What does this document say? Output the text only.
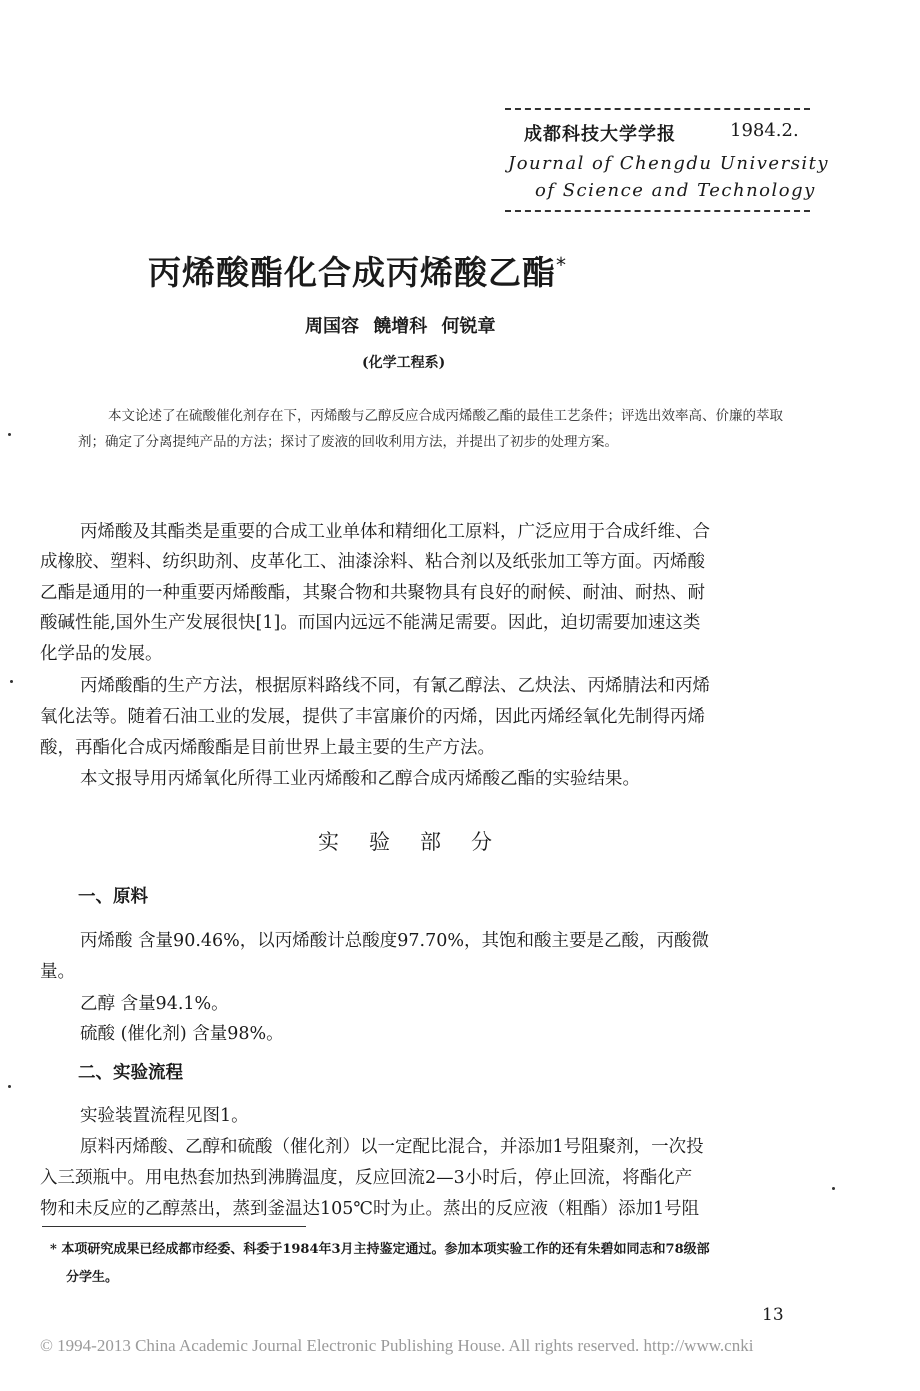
成都科技大学学报	1984.2.
Journal of Chengdu University
of Science and Technology
丙烯酸酯化合成丙烯酸乙酯*
周国容 饒增科 何锐章
(化学工程系)
本文论述了在硫酸催化剂存在下，丙烯酸与乙醇反应合成丙烯酸乙酯的最佳工艺条件；评选出效率高、价廉的萃取剂；确定了分离提纯产品的方法；探讨了废液的回收利用方法，并提出了初步的处理方案。
丙烯酸及其酯类是重要的合成工业单体和精细化工原料，广泛应用于合成纤维、合
成橡胶、塑料、纺织助剂、皮革化工、油漆涂料、粘合剂以及纸张加工等方面。丙烯酸
乙酯是通用的一种重要丙烯酸酯，其聚合物和共聚物具有良好的耐候、耐油、耐热、耐
酸碱性能,国外生产发展很快[1]。而国内远远不能满足需要。因此，迫切需要加速这类
化学品的发展。
丙烯酸酯的生产方法，根据原料路线不同，有氰乙醇法、乙炔法、丙烯腈法和丙烯
氧化法等。随着石油工业的发展，提供了丰富廉价的丙烯，因此丙烯经氧化先制得丙烯
酸，再酯化合成丙烯酸酯是目前世界上最主要的生产方法。
本文报导用丙烯氧化所得工业丙烯酸和乙醇合成丙烯酸乙酯的实验结果。
实验部分
一、原料
丙烯酸 含量90.46%，以丙烯酸计总酸度97.70%，其饱和酸主要是乙酸，丙酸微
量。
乙醇 含量94.1%。
硫酸 (催化剂) 含量98%。
二、实验流程
实验装置流程见图1。
原料丙烯酸、乙醇和硫酸（催化剂）以一定配比混合，并添加1号阻聚剂，一次投
入三颈瓶中。用电热套加热到沸腾温度，反应回流2—3小时后，停止回流，将酯化产
物和未反应的乙醇蒸出，蒸到釜温达105℃时为止。蒸出的反应液（粗酯）添加1号阻
* 本项研究成果已经成都市经委、科委于1984年3月主持鉴定通过。参加本项实验工作的还有朱碧如同志和78级部
分学生。
13
© 1994-2013 China Academic Journal Electronic Publishing House. All rights reserved. http://www.cnki
